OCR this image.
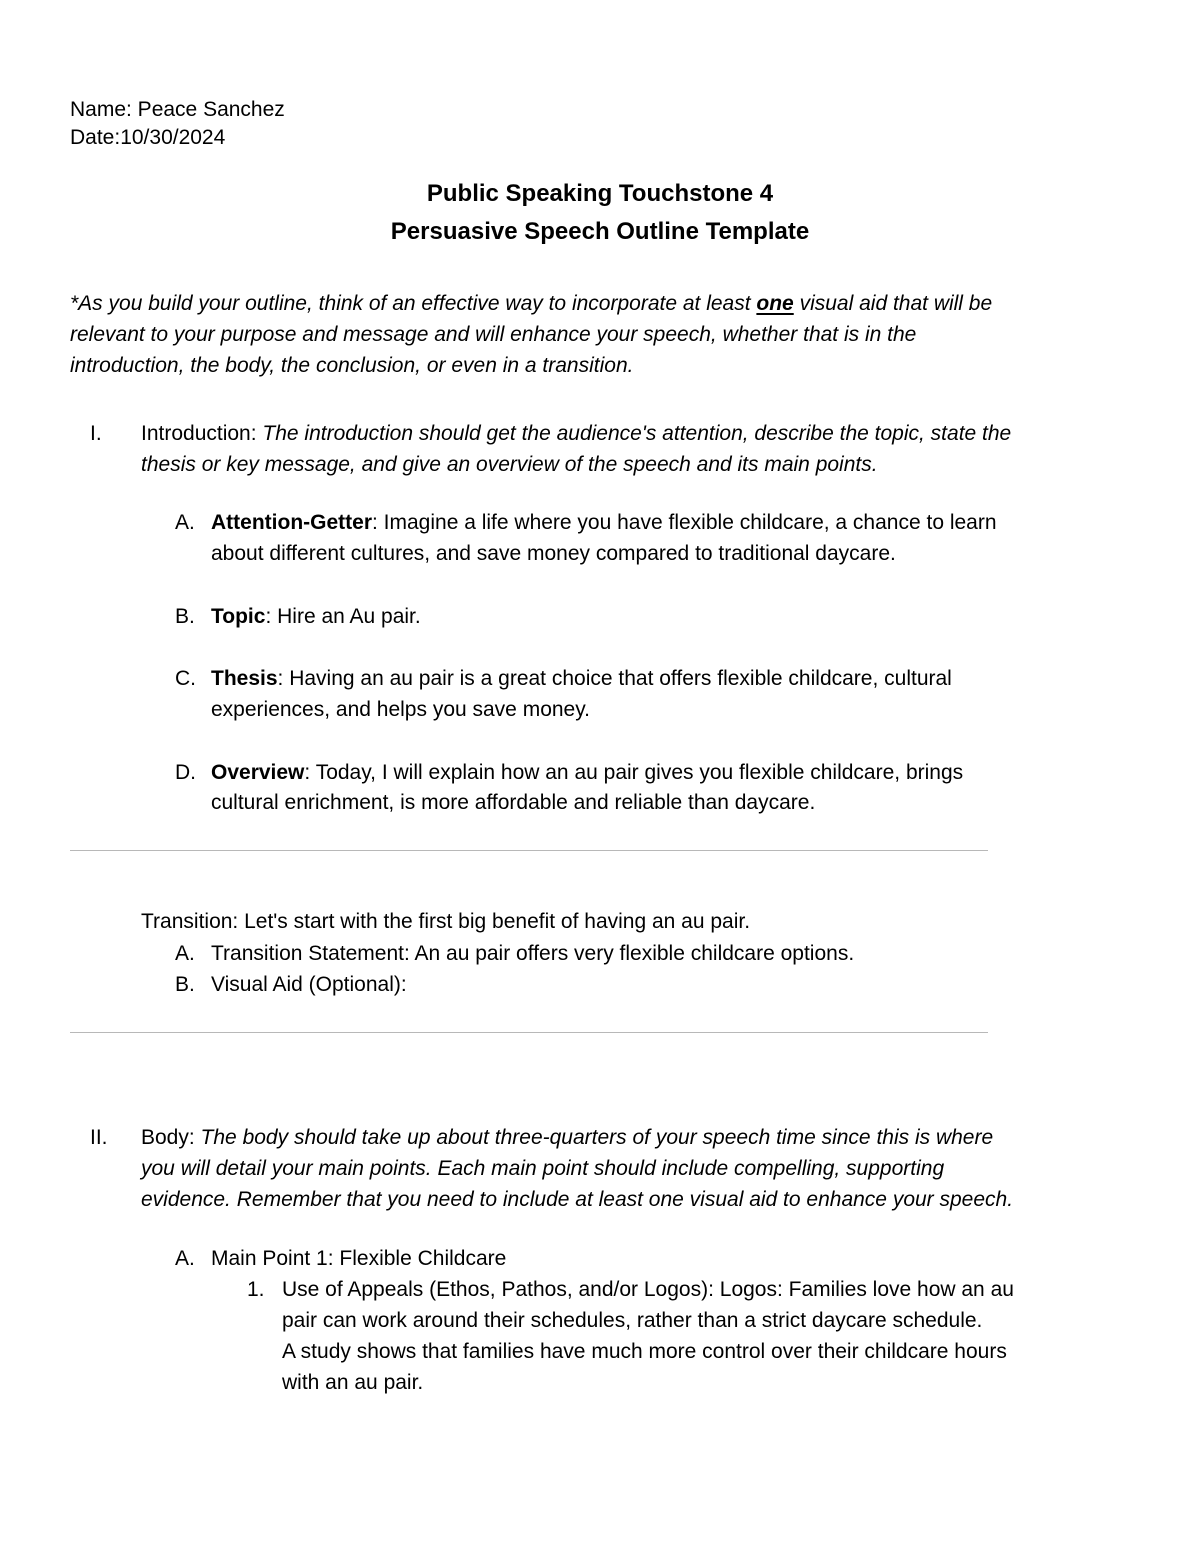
Name: Peace Sanchez
Date:10/30/2024
Public Speaking Touchstone 4
Persuasive Speech Outline Template
*As you build your outline, think of an effective way to incorporate at least one visual aid that will be
relevant to your purpose and message and will enhance your speech, whether that is in the
introduction, the body, the conclusion, or even in a transition.
I. Introduction: The introduction should get the audience's attention, describe the topic, state the
thesis or key message, and give an overview of the speech and its main points.
A. Attention-Getter: Imagine a life where you have flexible childcare, a chance to learn
about different cultures, and save money compared to traditional daycare.
B. Topic: Hire an Au pair.
C. Thesis: Having an au pair is a great choice that offers flexible childcare, cultural
experiences, and helps you save money.
D. Overview: Today, I will explain how an au pair gives you flexible childcare, brings
cultural enrichment, is more affordable and reliable than daycare.
Transition: Let's start with the first big benefit of having an au pair.
A. Transition Statement: An au pair offers very flexible childcare options.
B. Visual Aid (Optional):
II. Body: The body should take up about three-quarters of your speech time since this is where
you will detail your main points. Each main point should include compelling, supporting
evidence. Remember that you need to include at least one visual aid to enhance your speech.
A. Main Point 1: Flexible Childcare
1. Use of Appeals (Ethos, Pathos, and/or Logos): Logos: Families love how an au
pair can work around their schedules, rather than a strict daycare schedule.
A study shows that families have much more control over their childcare hours
with an au pair.
